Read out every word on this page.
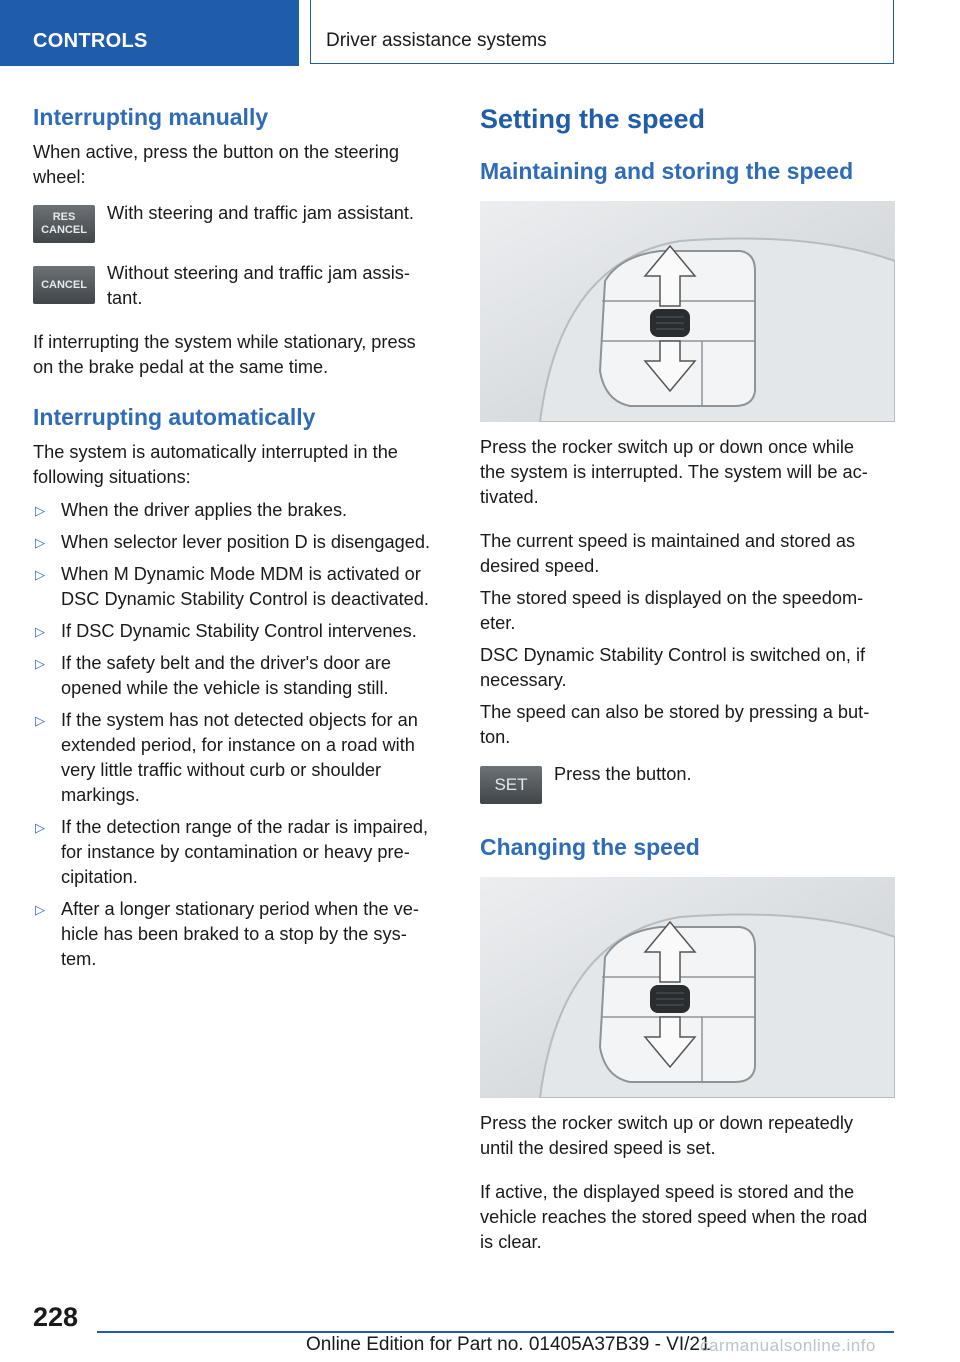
CONTROLS	Driver assistance systems
Interrupting manually
When active, press the button on the steering
wheel:
RES
CANCEL
With steering and traffic jam assistant.
CANCEL
Without steering and traffic jam assis-
tant.
If interrupting the system while stationary, press
on the brake pedal at the same time.
Interrupting automatically
The system is automatically interrupted in the
following situations:
▷ When the driver applies the brakes.
▷ When selector lever position D is disengaged.
▷ When M Dynamic Mode MDM is activated or
DSC Dynamic Stability Control is deactivated.
▷ If DSC Dynamic Stability Control intervenes.
▷ If the safety belt and the driver's door are
opened while the vehicle is standing still.
▷ If the system has not detected objects for an
extended period, for instance on a road with
very little traffic without curb or shoulder
markings.
▷ If the detection range of the radar is impaired,
for instance by contamination or heavy pre-
cipitation.
▷ After a longer stationary period when the ve-
hicle has been braked to a stop by the sys-
tem.
Setting the speed
Maintaining and storing the speed
Press the rocker switch up or down once while
the system is interrupted. The system will be ac-
tivated.
The current speed is maintained and stored as
desired speed.
The stored speed is displayed on the speedom-
eter.
DSC Dynamic Stability Control is switched on, if
necessary.
The speed can also be stored by pressing a but-
ton.
SET
Press the button.
Changing the speed
Press the rocker switch up or down repeatedly
until the desired speed is set.
If active, the displayed speed is stored and the
vehicle reaches the stored speed when the road
is clear.
228
Online Edition for Part no. 01405A37B39 - VI/21
carmanualsonline.info
